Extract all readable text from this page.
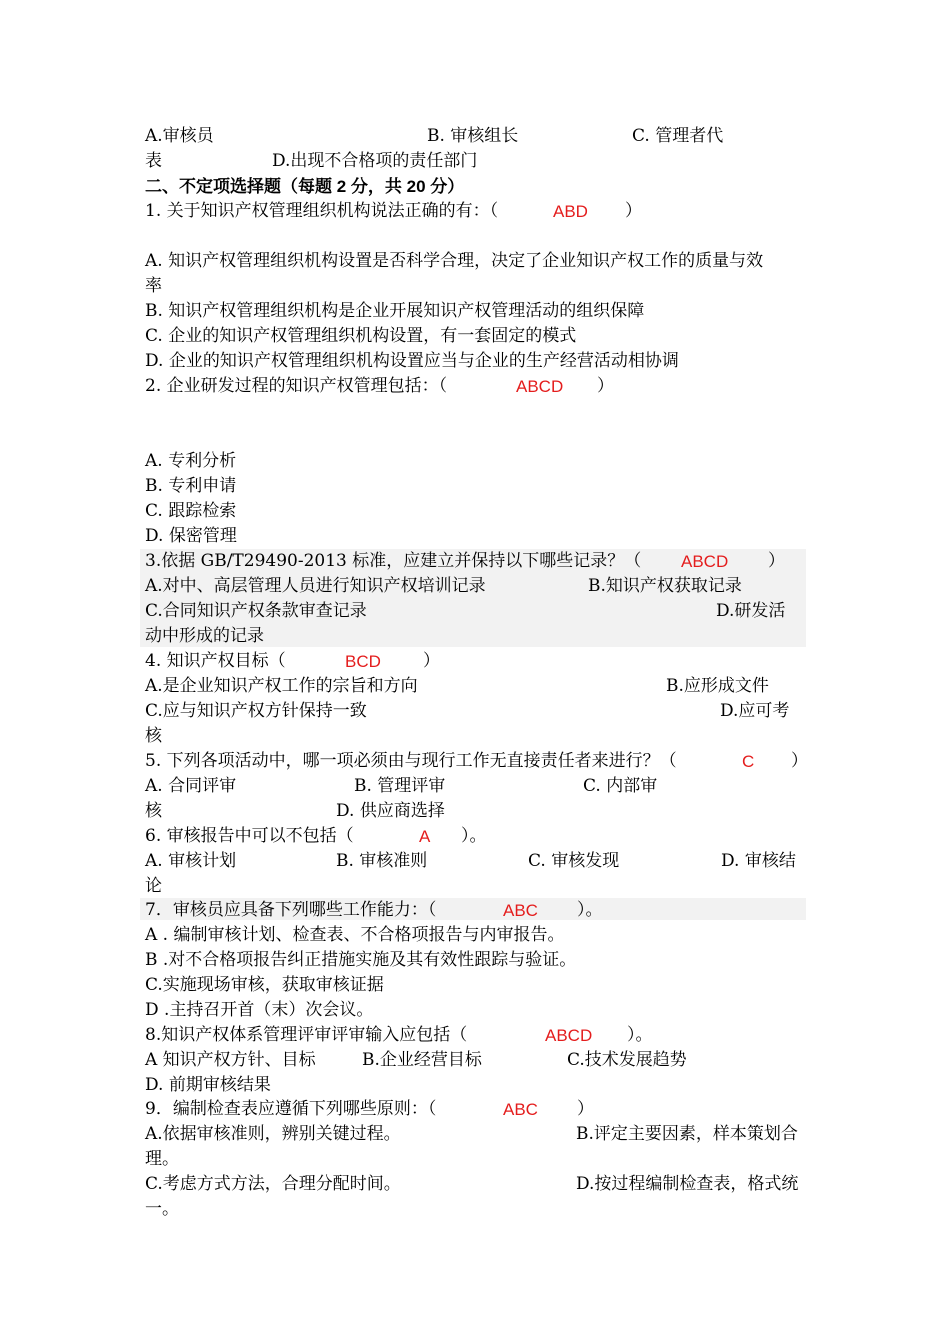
A.审核员	B. 审核组长	C. 管理者代
表	D.出现不合格项的责任部门
二、不定项选择题（每题 2 分，共 20 分）
1. 关于知识产权管理组织机构说法正确的有：（	ABD ）
A. 知识产权管理组织机构设置是否科学合理，决定了企业知识产权工作的质量与效
率
B. 知识产权管理组织机构是企业开展知识产权管理活动的组织保障
C. 企业的知识产权管理组织机构设置，有一套固定的模式
D. 企业的知识产权管理组织机构设置应当与企业的生产经营活动相协调
2. 企业研发过程的知识产权管理包括：（	ABCD ）
A. 专利分析
B. 专利申请
C. 跟踪检索
D. 保密管理
3.依据 GB/T29490-2013 标准，应建立并保持以下哪些记录？（ ABCD ）
A.对中、高层管理人员进行知识产权培训记录	B.知识产权获取记录
C.合同知识产权条款审查记录	D.研发活
动中形成的记录
4. 知识产权目标（	BCD ）
A.是企业知识产权工作的宗旨和方向	B.应形成文件
C.应与知识产权方针保持一致	D.应可考
核
5. 下列各项活动中，哪一项必须由与现行工作无直接责任者来进行？（	C ）
A. 合同评审	B. 管理评审	C. 内部审
核	D. 供应商选择
6. 审核报告中可以不包括（	A ）。
A. 审核计划	B. 审核准则	C. 审核发现	D. 审核结
论
7．审核员应具备下列哪些工作能力：（	ABC ）。
A . 编制审核计划、检查表、不合格项报告与内审报告。
B .对不合格项报告纠正措施实施及其有效性跟踪与验证。
C.实施现场审核，获取审核证据
D .主持召开首（末）次会议。
8.知识产权体系管理评审评审输入应包括（	ABCD ）。
A 知识产权方针、目标	B.企业经营目标	C.技术发展趋势
D. 前期审核结果
9．编制检查表应遵循下列哪些原则：（	ABC ）
A.依据审核准则，辨别关键过程。	B.评定主要因素，样本策划合
理。
C.考虑方式方法，合理分配时间。	D.按过程编制检查表，格式统
一。
